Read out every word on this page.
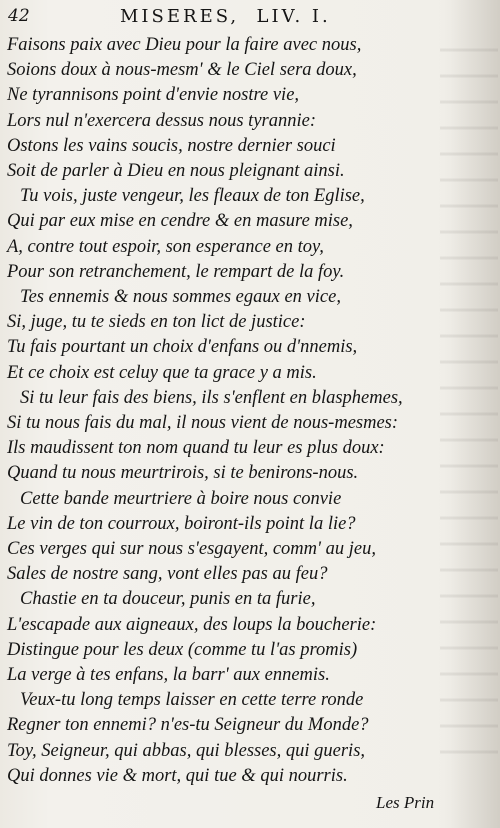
42	MISERES,  LIV. I.
Faisons paix avec Dieu pour la faire avec nous,
Soions doux à nous-mesm' & le Ciel sera doux,
Ne tyrannisons point d'envie nostre vie,
Lors nul n'exercera dessus nous tyrannie:
Ostons les vains soucis, nostre dernier souci
Soit de parler à Dieu en nous pleignant ainsi.
Tu vois, juste vengeur, les fleaux de ton Eglise,
Qui par eux mise en cendre & en masure mise,
A, contre tout espoir, son esperance en toy,
Pour son retranchement, le rempart de la foy.
Tes ennemis & nous sommes egaux en vice,
Si, juge, tu te sieds en ton lict de justice:
Tu fais pourtant un choix d'enfans ou d'nnemis,
Et ce choix est celuy que ta grace y a mis.
Si tu leur fais des biens, ils s'enflent en blasphemes,
Si tu nous fais du mal, il nous vient de nous-mesmes:
Ils maudissent ton nom quand tu leur es plus doux:
Quand tu nous meurtrirois, si te benirons-nous.
Cette bande meurtriere à boire nous convie
Le vin de ton courroux, boiront-ils point la lie?
Ces verges qui sur nous s'esgayent, comm' au jeu,
Sales de nostre sang, vont elles pas au feu?
Chastie en ta douceur, punis en ta furie,
L'escapade aux aigneaux, des loups la boucherie:
Distingue pour les deux (comme tu l'as promis)
La verge à tes enfans, la barr' aux ennemis.
Veux-tu long temps laisser en cette terre ronde
Regner ton ennemi? n'es-tu Seigneur du Monde?
Toy, Seigneur, qui abbas, qui blesses, qui gueris,
Qui donnes vie & mort, qui tue & qui nourris.
Les Prin
